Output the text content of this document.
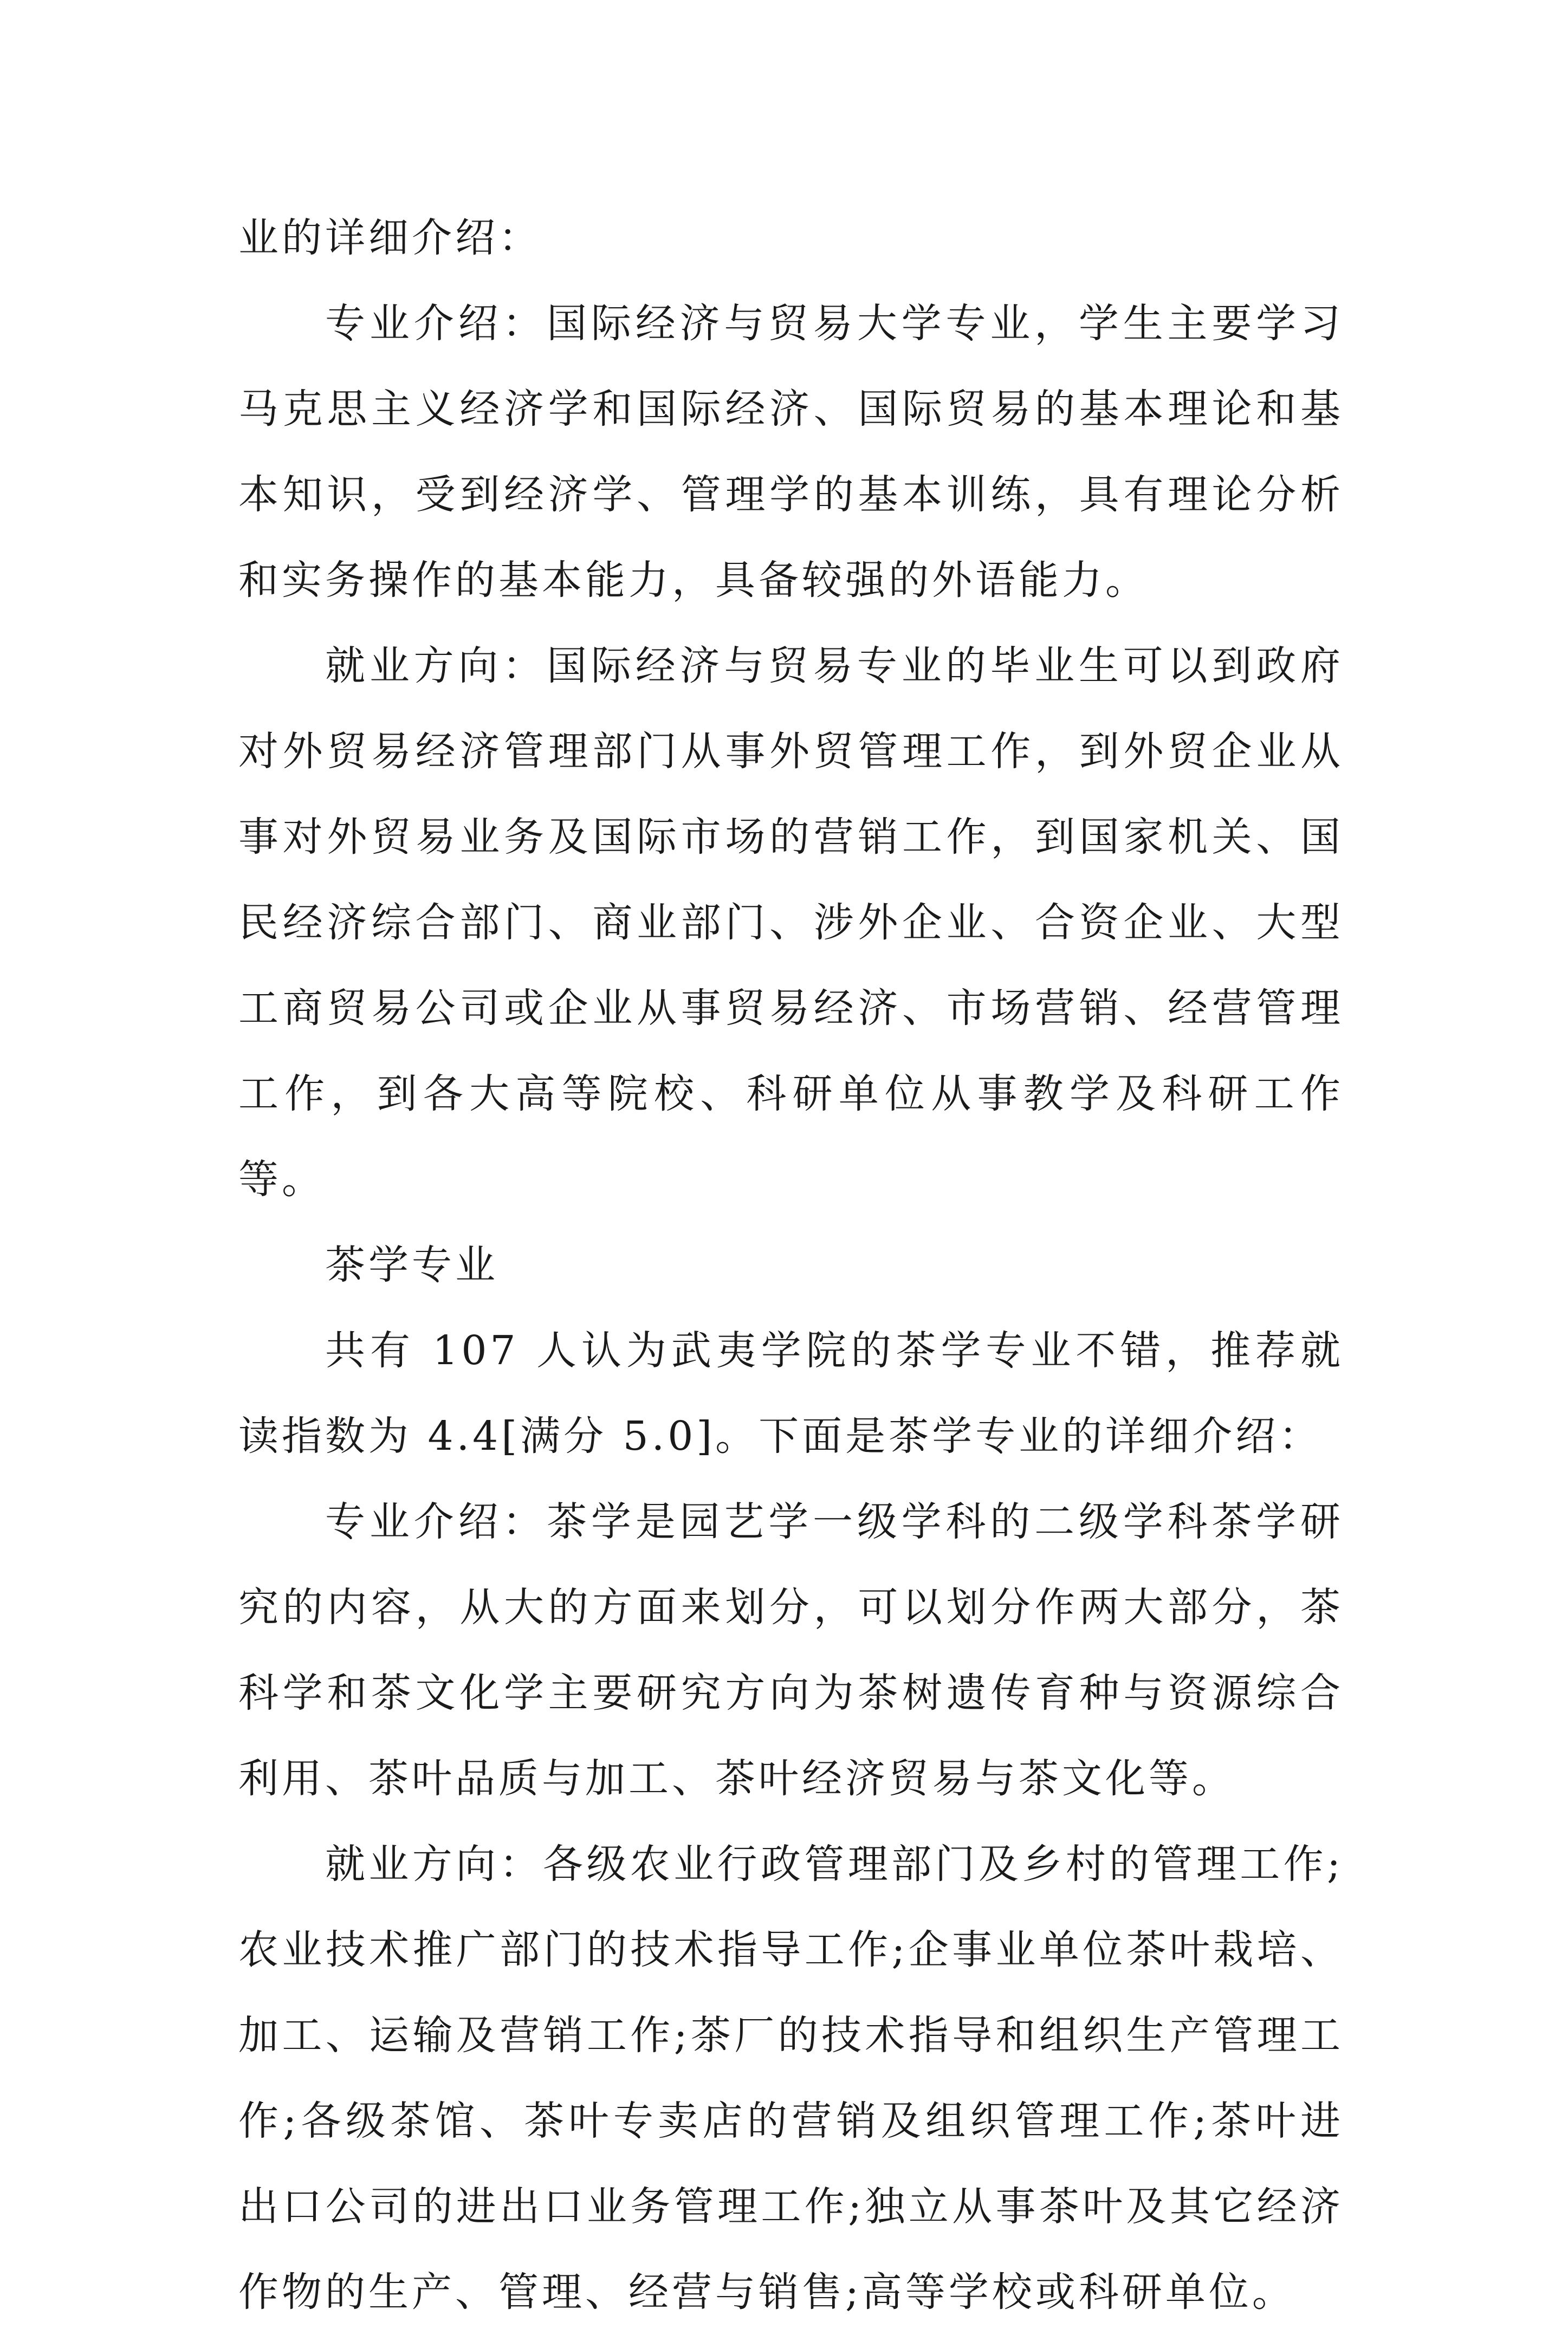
业的详细介绍：

专业介绍：国际经济与贸易大学专业，学生主要学习马克思主义经济学和国际经济、国际贸易的基本理论和基本知识，受到经济学、管理学的基本训练，具有理论分析和实务操作的基本能力，具备较强的外语能力。

就业方向：国际经济与贸易专业的毕业生可以到政府对外贸易经济管理部门从事外贸管理工作，到外贸企业从事对外贸易业务及国际市场的营销工作，到国家机关、国民经济综合部门、商业部门、涉外企业、合资企业、大型工商贸易公司或企业从事贸易经济、市场营销、经营管理工作，到各大高等院校、科研单位从事教学及科研工作等。

茶学专业

共有 107 人认为武夷学院的茶学专业不错，推荐就读指数为 4.4[满分 5.0]。下面是茶学专业的详细介绍：

专业介绍：茶学是园艺学一级学科的二级学科茶学研究的内容，从大的方面来划分，可以划分作两大部分，茶科学和茶文化学主要研究方向为茶树遗传育种与资源综合利用、茶叶品质与加工、茶叶经济贸易与茶文化等。

就业方向：各级农业行政管理部门及乡村的管理工作;农业技术推广部门的技术指导工作;企事业单位茶叶栽培、加工、运输及营销工作;茶厂的技术指导和组织生产管理工作;各级茶馆、茶叶专卖店的营销及组织管理工作;茶叶进出口公司的进出口业务管理工作;独立从事茶叶及其它经济作物的生产、管理、经营与销售;高等学校或科研单位。
